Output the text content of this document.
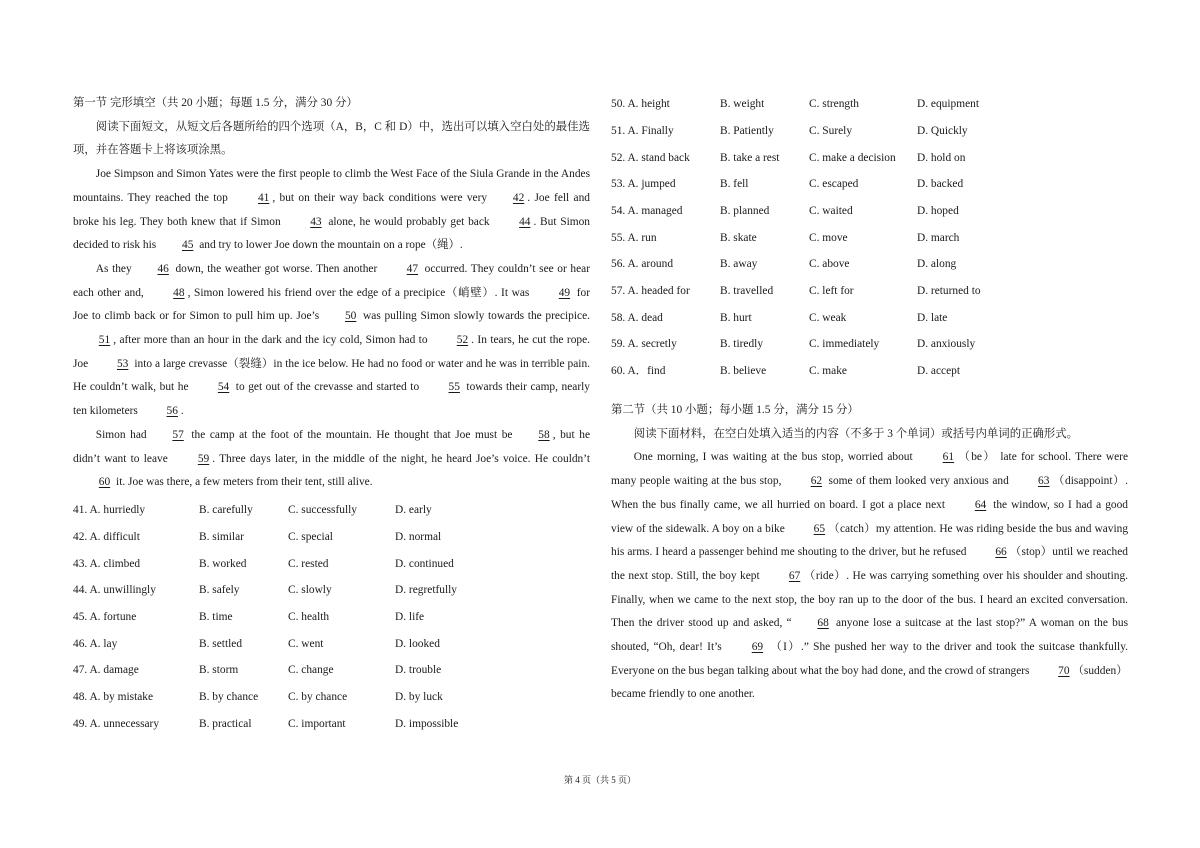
第一节 完形填空（共 20 小题；每题 1.5 分，满分 30 分）

阅读下面短文，从短文后各题所给的四个选项（A，B，C 和 D）中，选出可以填入空白处的最佳选项，并在答题卡上将该项涂黑。

Joe Simpson and Simon Yates were the first people to climb the West Face of the Siula Grande in the Andes mountains. They reached the top 41 , but on their way back conditions were very 42 . Joe fell and broke his leg. They both knew that if Simon 43 alone, he would probably get back 44 . But Simon decided to risk his 45 and try to lower Joe down the mountain on a rope（绳）.

As they 46 down, the weather got worse. Then another 47 occurred. They couldn’t see or hear each other and, 48 , Simon lowered his friend over the edge of a precipice（峭壁）. It was 49 for Joe to climb back or for Simon to pull him up. Joe’s 50 was pulling Simon slowly towards the precipice. 51 , after more than an hour in the dark and the icy cold, Simon had to 52 . In tears, he cut the rope. Joe 53 into a large crevasse（裂缝）in the ice below. He had no food or water and he was in terrible pain. He couldn’t walk, but he 54 to get out of the crevasse and started to 55 towards their camp, nearly ten kilometers 56 .

Simon had 57 the camp at the foot of the mountain. He thought that Joe must be 58 , but he didn’t want to leave 59 . Three days later, in the middle of the night, he heard Joe’s voice. He couldn’t60 it. Joe was there, a few meters from their tent, still alive.

41. A. hurriedly	B. carefully	C. successfully	D. early
42. A. difficult	B. similar	C. special	D. normal
43. A. climbed	B. worked	C. rested	D. continued
44. A. unwillingly	B. safely	C. slowly	D. regretfully
45. A. fortune	B. time	C. health	D. life
46. A. lay	B. settled	C. went	D. looked
47. A. damage	B. storm	C. change	D. trouble
48. A. by mistake	B. by chance	C. by chance	D. by luck
49. A. unnecessary	B. practical	C. important	D. impossible
50. A. height	B. weight	C. strength	D. equipment
51. A. Finally	B. Patiently	C. Surely	D. Quickly
52. A. stand back	B. take a rest	C. make a decision	D. hold on
53. A. jumped	B. fell	C. escaped	D. backed
54. A. managed	B. planned	C. waited	D. hoped
55. A. run	B. skate	C. move	D. march
56. A. around	B. away	C. above	D. along
57. A. headed for	B. travelled	C. left for	D. returned to
58. A. dead	B. hurt	C. weak	D. late
59. A. secretly	B. tiredly	C. immediately	D. anxiously
60. A．find	B. believe	C. make	D. accept

第二节（共 10 小题；每小题 1.5 分，满分 15 分）

阅读下面材料，在空白处填入适当的内容（不多于 3 个单词）或括号内单词的正确形式。

One morning, I was waiting at the bus stop, worried about 61 （be） late for school. There were many people waiting at the bus stop, 62 some of them looked very anxious and 63 （disappoint）. When the bus finally came, we all hurried on board. I got a place next 64 the window, so I had a good view of the sidewalk. A boy on a bike 65 （catch）my attention. He was riding beside the bus and waving his arms. I heard a passenger behind me shouting to the driver, but he refused 66 （stop）until we reached the next stop. Still, the boy kept 67 （ride）. He was carrying something over his shoulder and shouting. Finally, when we came to the next stop, the boy ran up to the door of the bus. I heard an excited conversation. Then the driver stood up and asked, “ 68 anyone lose a suitcase at the last stop?” A woman on the bus shouted, “Oh, dear! It’s 69 （I）.” She pushed her way to the driver and took the suitcase thankfully. Everyone on the bus began talking about what the boy had done, and the crowd of strangers 70 （sudden）
became friendly to one another.

第 4 页（共 5 页）
